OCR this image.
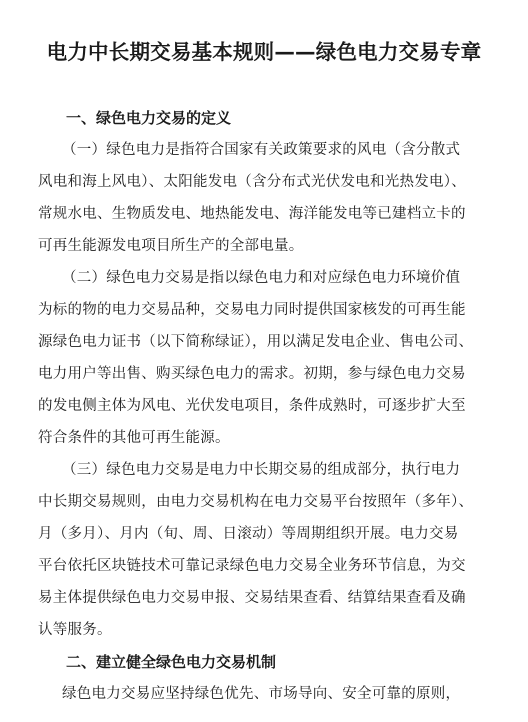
电力中长期交易基本规则——绿色电力交易专章
一、绿色电力交易的定义

（一）绿色电力是指符合国家有关政策要求的风电（含分散式

风电和海上风电）、太阳能发电（含分布式光伏发电和光热发电）、

常规水电、生物质发电、地热能发电、海洋能发电等已建档立卡的

可再生能源发电项目所生产的全部电量。

（二）绿色电力交易是指以绿色电力和对应绿色电力环境价值

为标的物的电力交易品种，交易电力同时提供国家核发的可再生能

源绿色电力证书（以下简称绿证），用以满足发电企业、售电公司、

电力用户等出售、购买绿色电力的需求。初期，参与绿色电力交易

的发电侧主体为风电、光伏发电项目，条件成熟时，可逐步扩大至

符合条件的其他可再生能源。

（三）绿色电力交易是电力中长期交易的组成部分，执行电力

中长期交易规则，由电力交易机构在电力交易平台按照年（多年）、

月（多月）、月内（旬、周、日滚动）等周期组织开展。电力交易

平台依托区块链技术可靠记录绿色电力交易全业务环节信息，为交

易主体提供绿色电力交易申报、交易结果查看、结算结果查看及确

认等服务。

二、建立健全绿色电力交易机制

绿色电力交易应坚持绿色优先、市场导向、安全可靠的原则，
